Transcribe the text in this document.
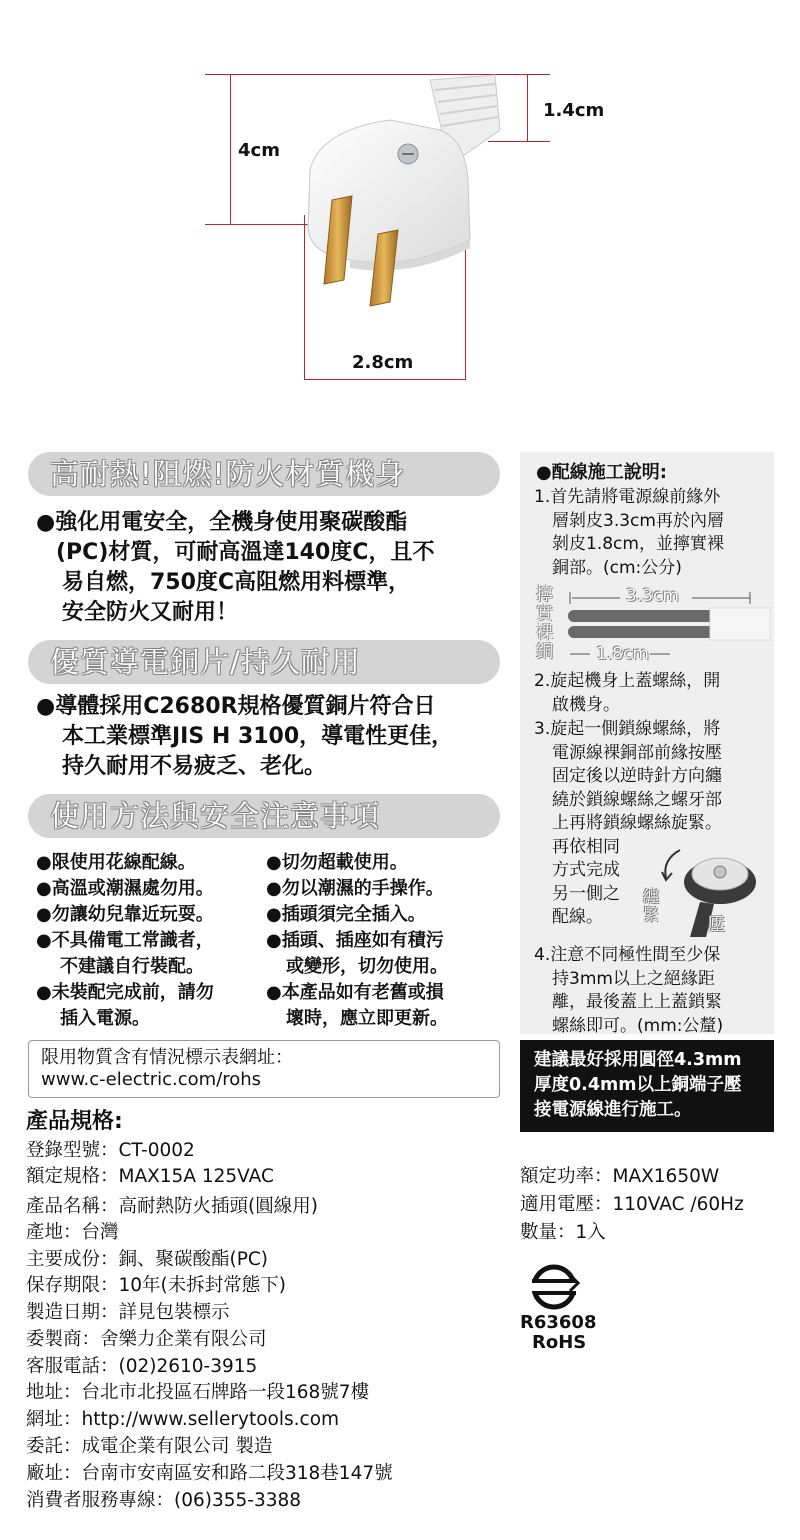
4cm
1.4cm
2.8cm
高耐熱!阻燃!防火材質機身
●強化用電安全，全機身使用聚碳酸酯
(PC)材質，可耐高溫達140度C，且不
易自燃，750度C高阻燃用料標準，
安全防火又耐用！
優質導電銅片/持久耐用
●導體採用C2680R規格優質銅片符合日
本工業標準JIS H 3100，導電性更佳，
持久耐用不易疲乏、老化。
使用方法與安全注意事項
●限使用花線配線。
●高溫或潮濕處勿用。
●勿讓幼兒靠近玩耍。
●不具備電工常識者，
不建議自行裝配。
●未裝配完成前，請勿
插入電源。
●切勿超載使用。
●勿以潮濕的手操作。
●插頭須完全插入。
●插頭、插座如有積污
或變形，切勿使用。
●本產品如有老舊或損
壞時，應立即更新。
限用物質含有情況標示表網址：
www.c-electric.com/rohs
產品規格:
登錄型號：CT-0002
額定規格：MAX15A 125VAC
產品名稱：高耐熱防火插頭(圓線用)
產地：台灣
主要成份：銅、聚碳酸酯(PC)
保存期限：10年(未拆封常態下)
製造日期：詳見包裝標示
委製商：舍樂力企業有限公司
客服電話：(02)2610-3915
地址：台北市北投區石牌路一段168號7樓
網址：http://www.sellerytools.com
委託：成電企業有限公司 製造
廠址：台南市安南區安和路二段318巷147號
消費者服務專線：(06)355-3388
額定功率：MAX1650W
適用電壓：110VAC /60Hz
數量：1入
R63608
RoHS
●配線施工說明:
1.首先請將電源線前緣外
層剝皮3.3cm再於內層
剝皮1.8cm，並擰實裸
銅部。(cm:公分)
擰實裸銅
3.3cm
1.8cm
2.旋起機身上蓋螺絲，開
啟機身。
3.旋起一側鎖線螺絲，將
電源線裸銅部前緣按壓
固定後以逆時針方向纏
繞於鎖線螺絲之螺牙部
上再將鎖線螺絲旋緊。
再依相同
方式完成
另一側之
配線。
纏緊
壓
4.注意不同極性間至少保
持3mm以上之絕緣距
離，最後蓋上上蓋鎖緊
螺絲即可。(mm:公釐)
建議最好採用圓徑4.3mm
厚度0.4mm以上銅端子壓
接電源線進行施工。
